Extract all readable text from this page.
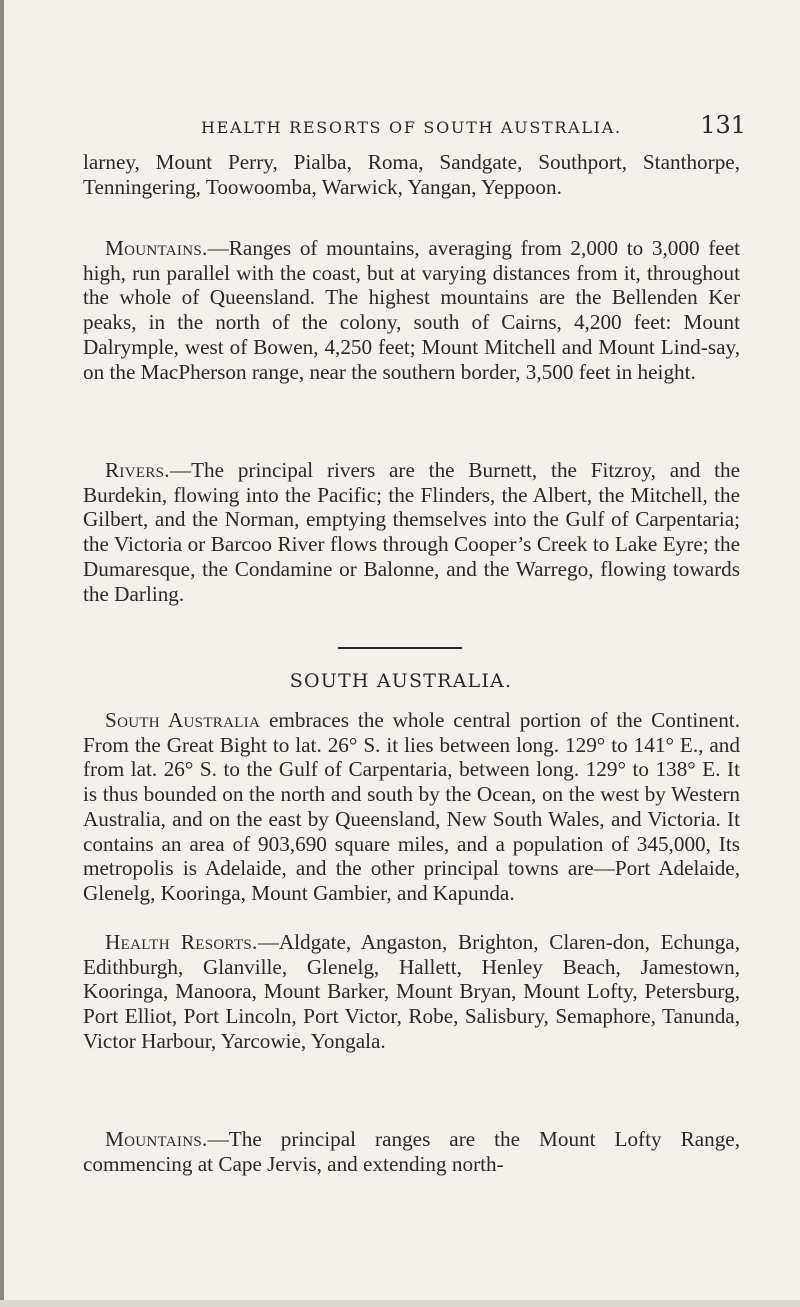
HEALTH RESORTS OF SOUTH AUSTRALIA.	131

larney, Mount Perry, Pialba, Roma, Sandgate, Southport, Stanthorpe, Tenningering, Toowoomba, Warwick, Yangan, Yeppoon.

Mountains.—Ranges of mountains, averaging from 2,000 to 3,000 feet high, run parallel with the coast, but at varying distances from it, throughout the whole of Queensland. The highest mountains are the Bellenden Ker peaks, in the north of the colony, south of Cairns, 4,200 feet: Mount Dalrymple, west of Bowen, 4,250 feet; Mount Mitchell and Mount Lind-say, on the MacPherson range, near the southern border, 3,500 feet in height.

Rivers.—The principal rivers are the Burnett, the Fitzroy, and the Burdekin, flowing into the Pacific; the Flinders, the Albert, the Mitchell, the Gilbert, and the Norman, emptying themselves into the Gulf of Carpentaria; the Victoria or Barcoo River flows through Cooper’s Creek to Lake Eyre; the Dumaresque, the Condamine or Balonne, and the Warrego, flowing towards the Darling.

SOUTH AUSTRALIA.

South Australia embraces the whole central portion of the Continent. From the Great Bight to lat. 26° S. it lies between long. 129° to 141° E., and from lat. 26° S. to the Gulf of Carpentaria, between long. 129° to 138° E. It is thus bounded on the north and south by the Ocean, on the west by Western Australia, and on the east by Queensland, New South Wales, and Victoria. It contains an area of 903,690 square miles, and a population of 345,000, Its metropolis is Adelaide, and the other principal towns are—Port Adelaide, Glenelg, Kooringa, Mount Gambier, and Kapunda.

Health Resorts.—Aldgate, Angaston, Brighton, Claren-don, Echunga, Edithburgh, Glanville, Glenelg, Hallett, Henley Beach, Jamestown, Kooringa, Manoora, Mount Barker, Mount Bryan, Mount Lofty, Petersburg, Port Elliot, Port Lincoln, Port Victor, Robe, Salisbury, Semaphore, Tanunda, Victor Harbour, Yarcowie, Yongala.

Mountains.—The principal ranges are the Mount Lofty Range, commencing at Cape Jervis, and extending north-
